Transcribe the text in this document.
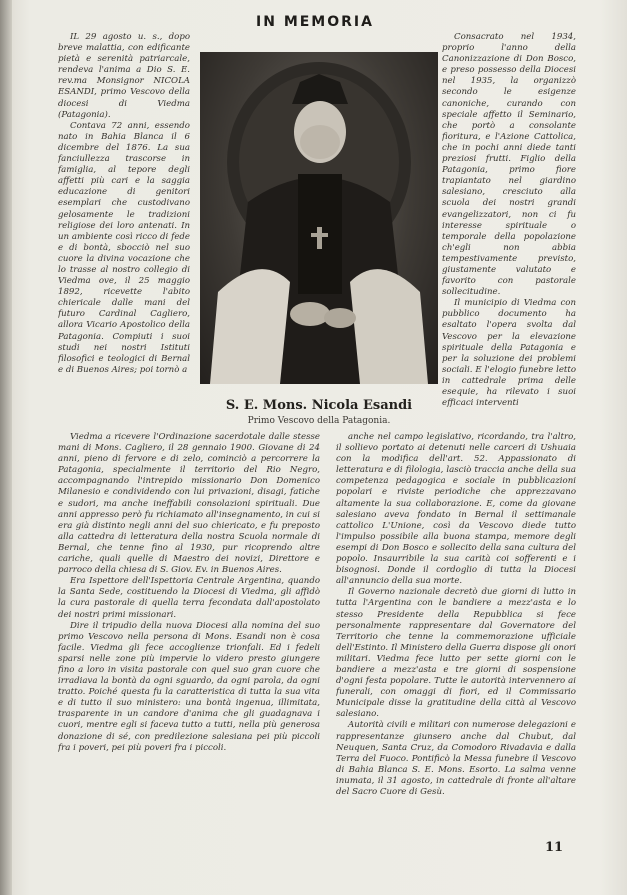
IN MEMORIA

IL 29 agosto u. s., dopo breve malattia, con edificante pietà e serenità patriarcale, rendeva l'anima a Dio S. E. rev.ma Monsignor NICOLA ESANDI, primo Vescovo della diocesi di Viedma (Patagonia).

Contava 72 anni, essendo nato in Bahia Blanca il 6 dicembre del 1876. La sua fanciullezza trascorse in famiglia, al tepore degli affetti più cari e la saggia educazione di genitori esemplari che custodivano gelosamente le tradizioni religiose dei loro antenati. In un ambiente così ricco di fede e di bontà, sbocciò nel suo cuore la divina vocazione che lo trasse al nostro collegio di Viedma ove, il 25 maggio 1892, ricevette l'abito chiericale dalle mani del futuro Cardinal Cagliero, allora Vicario Apostolico della Patagonia. Compiuti i suoi studi nei nostri Istituti filosofici e teologici di Bernal e di Buenos Aires; poi tornò a

S. E. Mons. Nicola Esandi
Primo Vescovo della Patagonia.

Consacrato nel 1934, proprio l'anno della Canonizzazione di Don Bosco, e preso possesso della Diocesi nel 1935, la organizzò secondo le esigenze canoniche, curando con speciale affetto il Seminario, che portò a consolante fioritura, e l'Azione Cattolica, che in pochi anni diede tanti preziosi frutti. Figlio della Patagonia, primo fiore trapiantato nel giardino salesiano, cresciuto alla scuola dei nostri grandi evangelizzatori, non ci fu interesse spirituale o temporale della popolazione ch'egli non abbia tempestivamente previsto, giustamente valutato e favorito con pastorale sollecitudine.

Il municipio di Viedma con pubblico documento ha esaltato l'opera svolta dal Vescovo per la elevazione spirituale della Patagonia e per la soluzione dei problemi sociali. E l'elogio funebre letto in cattedrale prima delle esequie, ha rilevato i suoi efficaci interventi

Viedma a ricevere l'Ordinazione sacerdotale dalle stesse mani di Mons. Cagliero, il 28 gennaio 1900. Giovane di 24 anni, pieno di fervore e di zelo, cominciò a percorrere la Patagonia, specialmente il territorio del Rio Negro, accompagnando l'intrepido missionario Don Domenico Milanesio e condividendo con lui privazioni, disagi, fatiche e sudori, ma anche ineffabili consolazioni spirituali. Due anni appresso però fu richiamato all'insegnamento, in cui si era già distinto negli anni del suo chiericato, e fu preposto alla cattedra di letteratura della nostra Scuola normale di Bernal, che tenne fino al 1930, pur ricoprendo altre cariche, quali quelle di Maestro dei novizi, Direttore e parroco della chiesa di S. Giov. Ev. in Buenos Aires.

Era Ispettore dell'Ispettoria Centrale Argentina, quando la Santa Sede, costituendo la Diocesi di Viedma, gli affidò la cura pastorale di quella terra fecondata dall'apostolato dei nostri primi missionari.

Dire il tripudio della nuova Diocesi alla nomina del suo primo Vescovo nella persona di Mons. Esandi non è cosa facile. Viedma gli fece accoglienze trionfali. Ed i fedeli sparsi nelle zone più impervie lo videro presto giungere fino a loro in visita pastorale con quel suo gran cuore che irradiava la bontà da ogni sguardo, da ogni parola, da ogni tratto. Poiché questa fu la caratteristica di tutta la sua vita e di tutto il suo ministero: una bontà ingenua, illimitata, trasparente in un candore d'anima che gli guadagnava i cuori, mentre egli si faceva tutto a tutti, nella più generosa donazione di sé, con predilezione salesiana pei più piccoli fra i poveri, pei più poveri fra i piccoli.

anche nel campo legislativo, ricordando, tra l'altro, il sollievo portato ai detenuti nelle carceri di Ushuaia con la modifica dell'art. 52. Appassionato di letteratura e di filologia, lasciò traccia anche della sua competenza pedagogica e sociale in pubblicazioni popolari e riviste periodiche che apprezzavano altamente la sua collaborazione. E, come da giovane salesiano aveva fondato in Bernal il settimanale cattolico L'Unione, così da Vescovo diede tutto l'impulso possibile alla buona stampa, memore degli esempi di Don Bosco e sollecito della sana cultura del popolo. Insaurribile la sua carità coi sofferenti e i bisognosi. Donde il cordoglio di tutta la Diocesi all'annuncio della sua morte.

Il Governo nazionale decretò due giorni di lutto in tutta l'Argentina con le bandiere a mezz'asta e lo stesso Presidente della Repubblica si fece personalmente rappresentare dal Governatore del Territorio che tenne la commemorazione ufficiale dell'Estinto. Il Ministero della Guerra dispose gli onori militari. Viedma fece lutto per sette giorni con le bandiere a mezz'asta e tre giorni di sospensione d'ogni festa popolare. Tutte le autorità intervennero ai funerali, con omaggi di fiori, ed il Commissario Municipale disse la gratitudine della città al Vescovo salesiano.

Autorità civili e militari con numerose delegazioni e rappresentanze giunsero anche dal Chubut, dal Neuquen, Santa Cruz, da Comodoro Rivadavia e dalla Terra del Fuoco. Pontificò la Messa funebre il Vescovo di Bahia Blanca S. E. Mons. Esorto. La salma venne inumata, il 31 agosto, in cattedrale di fronte all'altare del Sacro Cuore di Gesù.

11
